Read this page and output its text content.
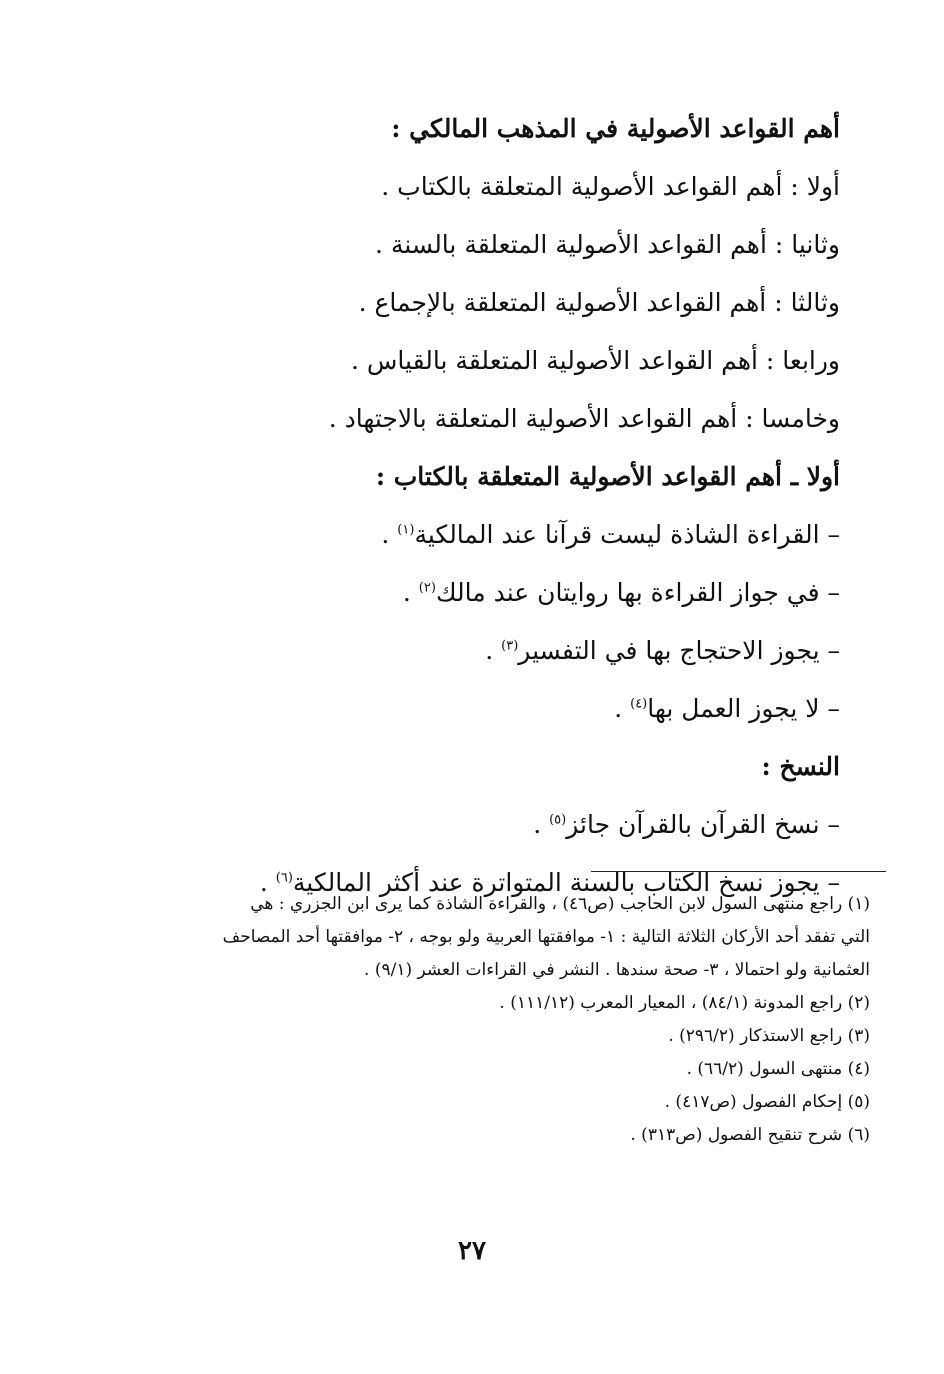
أهم القواعد الأصولية في المذهب المالكي :
أولا : أهم القواعد الأصولية المتعلقة بالكتاب .
وثانيا : أهم القواعد الأصولية المتعلقة بالسنة .
وثالثا : أهم القواعد الأصولية المتعلقة بالإجماع .
ورابعا : أهم القواعد الأصولية المتعلقة بالقياس .
وخامسا : أهم القواعد الأصولية المتعلقة بالاجتهاد .
أولا ـ أهم القواعد الأصولية المتعلقة بالكتاب :
– القراءة الشاذة ليست قرآنا عند المالكية$^{(١)}$ .
– في جواز القراءة بها روايتان عند مالك$^{(٢)}$ .
– يجوز الاحتجاج بها في التفسير$^{(٣)}$ .
– لا يجوز العمل بها$^{(٤)}$ .
النسخ :
– نسخ القرآن بالقرآن جائز$^{(٥)}$ .
– يجوز نسخ الكتاب بالسنة المتواترة عند أكثر المالكية$^{(٦)}$ .
(١) راجع منتهى السول لابن الحاجب (ص٤٦) ، والقراءة الشاذة كما يرى ابن الجزري : هي
التي تفقد أحد الأركان الثلاثة التالية : ١- موافقتها العربية ولو بوجه ، ٢- موافقتها أحد المصاحف
العثمانية ولو احتمالا ، ٣- صحة سندها . النشر في القراءات العشر (٩/١) .
(٢) راجع المدونة (٨٤/١) ، المعيار المعرب (١١١/١٢) .
(٣) راجع الاستذكار (٢٩٦/٢) .
(٤) منتهى السول (٦٦/٢) .
(٥) إحكام الفصول (ص٤١٧) .
(٦) شرح تنقيح الفصول (ص٣١٣) .
٢٧
